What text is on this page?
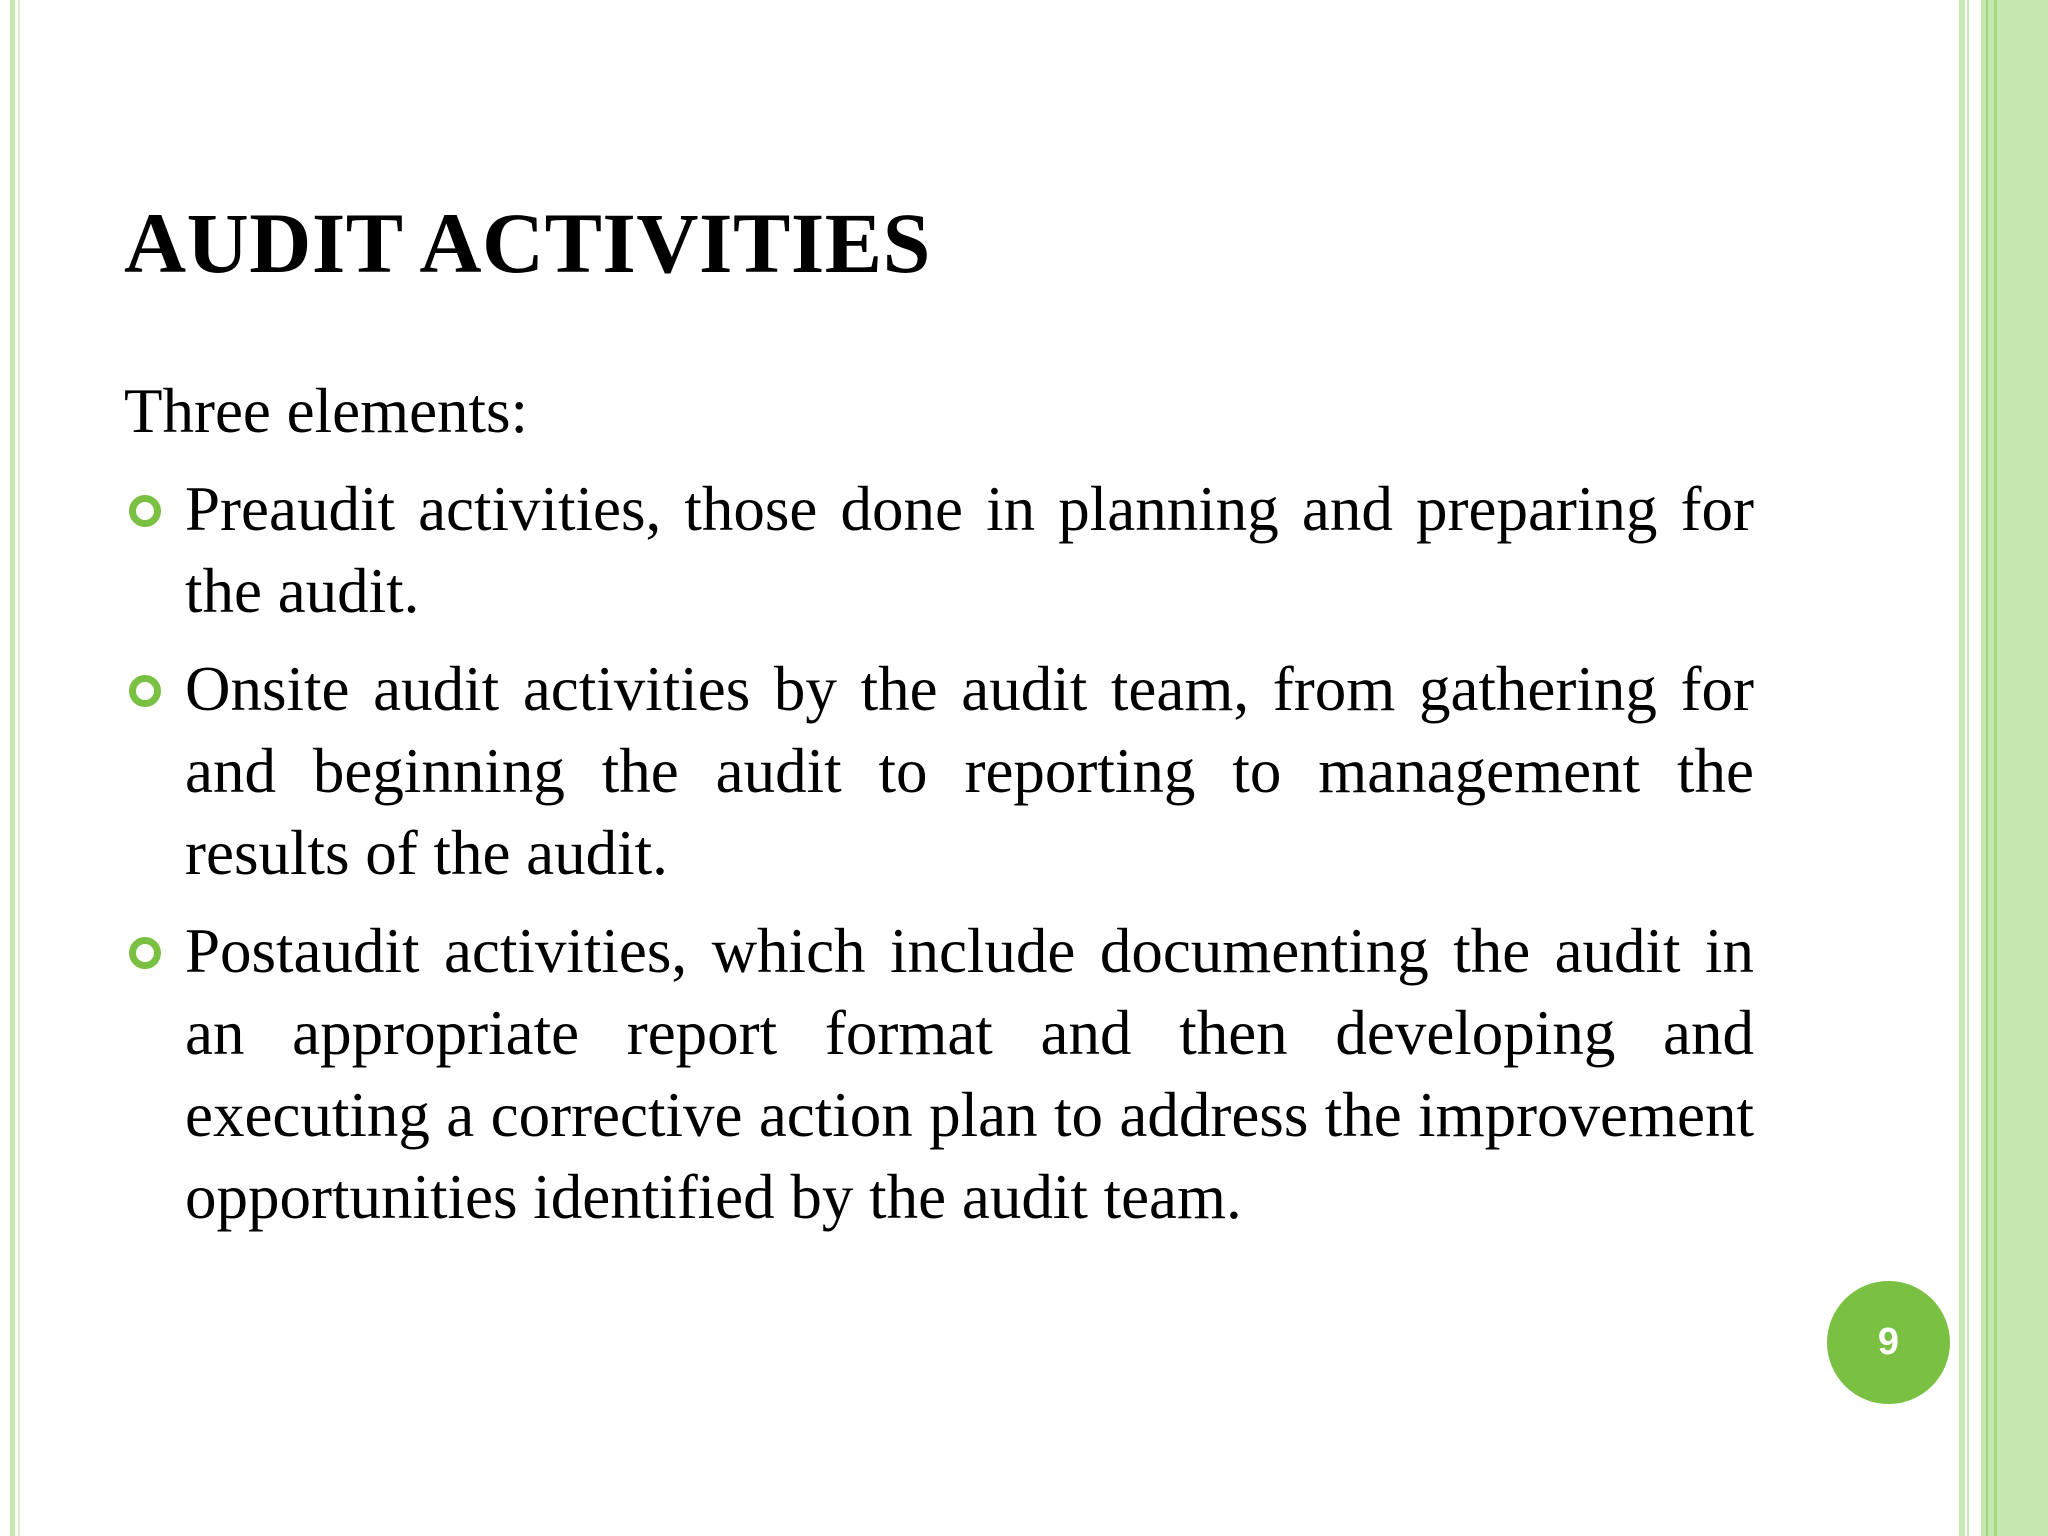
AUDIT ACTIVITIES

Three elements:

Preaudit activities, those done in planning and preparing for the audit.
Onsite audit activities by the audit team, from gathering for and beginning the audit to reporting to management the results of the audit.
Postaudit activities, which include documenting the audit in an appropriate report format and then developing and executing a corrective action plan to address the improvement opportunities identified by the audit team.
9
